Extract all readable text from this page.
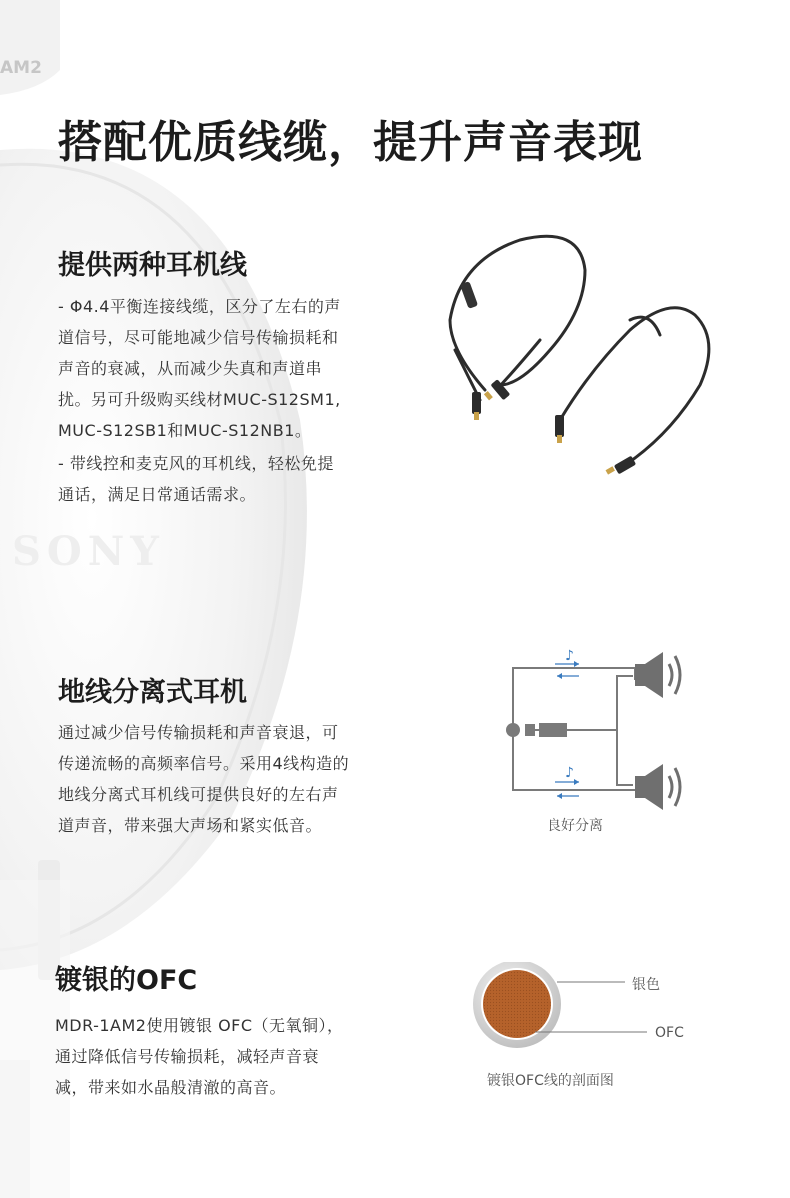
AM2
SONY
搭配优质线缆，提升声音表现
提供两种耳机线
- Φ4.4平衡连接线缆，区分了左右的声
道信号，尽可能地减少信号传输损耗和
声音的衰减，从而减少失真和声道串
扰。另可升级购买线材MUC-S12SM1,
MUC-S12SB1和MUC-S12NB1。
- 带线控和麦克风的耳机线，轻松免提
通话，满足日常通话需求。
地线分离式耳机
通过减少信号传输损耗和声音衰退，可
传递流畅的高频率信号。采用4线构造的
地线分离式耳机线可提供良好的左右声
道声音，带来强大声场和紧实低音。
♪
♪
良好分离
镀银的OFC
MDR-1AM2使用镀银 OFC（无氧铜），
通过降低信号传输损耗，减轻声音衰
减，带来如水晶般清澈的高音。
银色
OFC
镀银OFC线的剖面图
